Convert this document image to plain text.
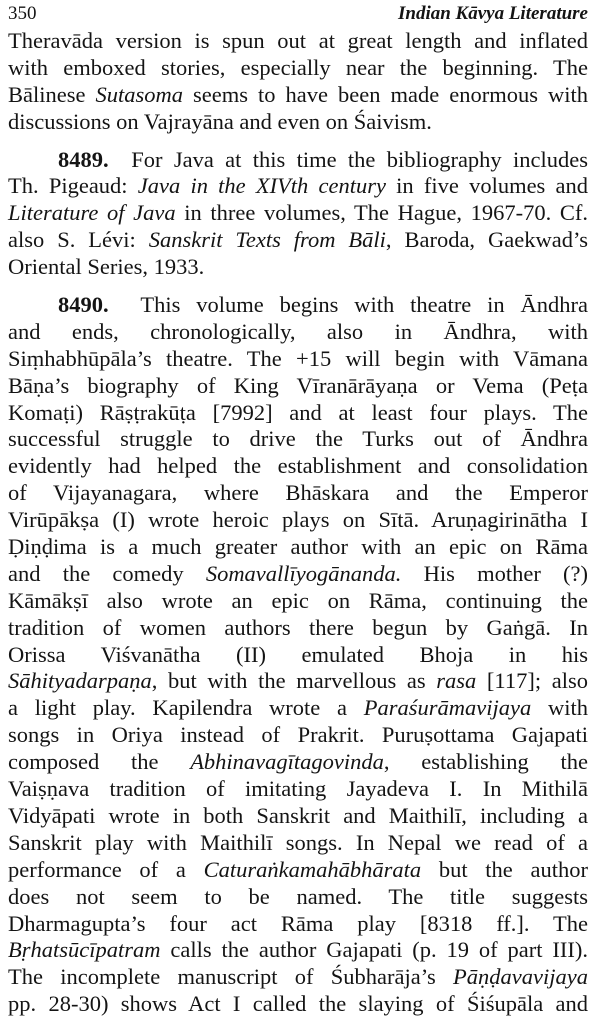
350	Indian Kāvya Literature
Theravāda version is spun out at great length and inflated
with emboxed stories, especially near the beginning. The
Bālinese Sutasoma seems to have been made enormous with
discussions on Vajrayāna and even on Śaivism.
8489.  For Java at this time the bibliography includes
Th. Pigeaud: Java in the XIVth century in five volumes and
Literature of Java in three volumes, The Hague, 1967-70. Cf.
also S. Lévi: Sanskrit Texts from Bāli, Baroda, Gaekwad’s
Oriental Series, 1933.
8490.  This volume begins with theatre in Āndhra
and ends, chronologically, also in Āndhra, with
Siṃhabhūpāla’s theatre. The +15 will begin with Vāmana
Bāṇa’s biography of King Vīranārāyaṇa or Vema (Peṭa
Komaṭi) Rāṣṭrakūṭa [7992] and at least four plays. The
successful struggle to drive the Turks out of Āndhra
evidently had helped the establishment and consolidation
of Vijayanagara, where Bhāskara and the Emperor
Virūpākṣa (I) wrote heroic plays on Sītā. Aruṇagirinātha I
Ḍiṇḍima is a much greater author with an epic on Rāma
and the comedy Somavallīyogānanda. His mother (?)
Kāmākṣī also wrote an epic on Rāma, continuing the
tradition of women authors there begun by Gaṅgā. In
Orissa Viśvanātha (II) emulated Bhoja in his
Sāhityadarpaṇa, but with the marvellous as rasa [117]; also
a light play. Kapilendra wrote a Paraśurāmavijaya with
songs in Oriya instead of Prakrit. Puruṣottama Gajapati
composed the Abhinavagītagovinda, establishing the
Vaiṣṇava tradition of imitating Jayadeva I. In Mithilā
Vidyāpati wrote in both Sanskrit and Maithilī, including a
Sanskrit play with Maithilī songs. In Nepal we read of a
performance of a Caturaṅkamahābhārata but the author
does not seem to be named. The title suggests
Dharmagupta’s four act Rāma play [8318 ff.]. The
Bṛhatsūcīpatram calls the author Gajapati (p. 19 of part III).
The incomplete manuscript of Śubharāja’s Pāṇḍavavijaya
pp. 28-30) shows Act I called the slaying of Śiśupāla and
